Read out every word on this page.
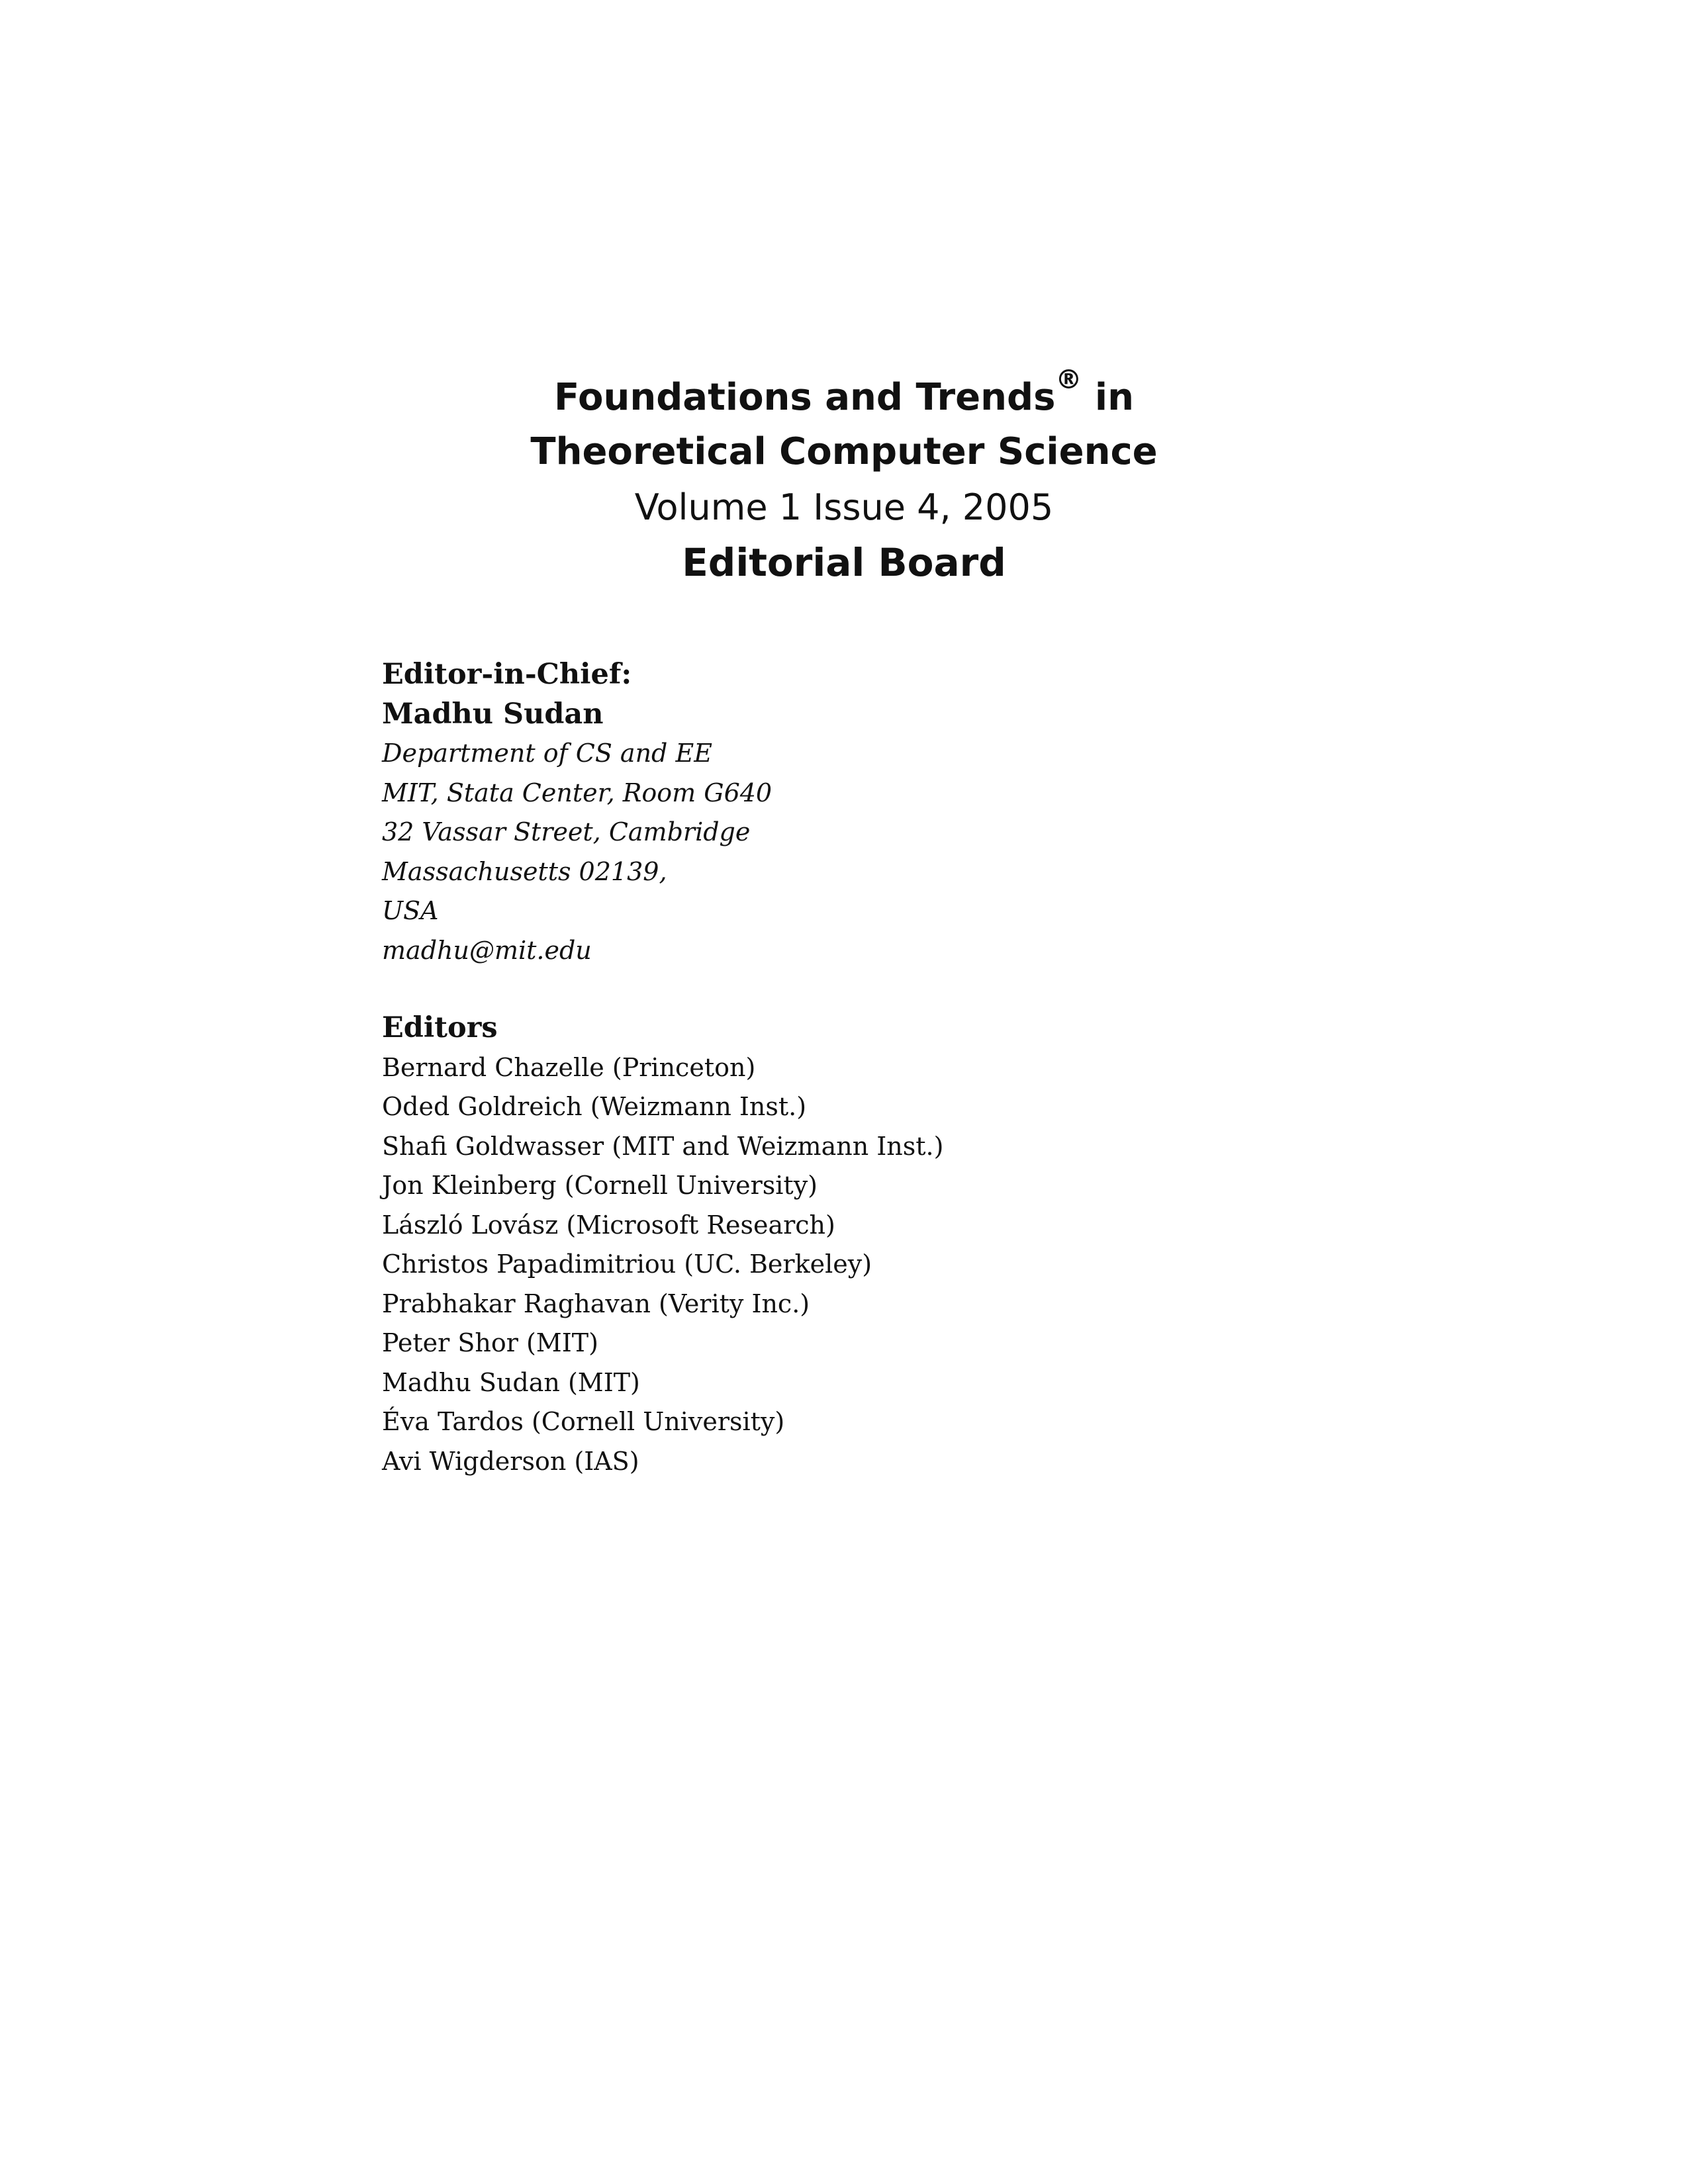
Foundations and Trends® in
Theoretical Computer Science
Volume 1 Issue 4, 2005
Editorial Board
Editor-in-Chief:
Madhu Sudan
Department of CS and EE
MIT, Stata Center, Room G640
32 Vassar Street, Cambridge
Massachusetts 02139,
USA
madhu@mit.edu
Editors
Bernard Chazelle (Princeton)
Oded Goldreich (Weizmann Inst.)
Shafi Goldwasser (MIT and Weizmann Inst.)
Jon Kleinberg (Cornell University)
László Lovász (Microsoft Research)
Christos Papadimitriou (UC. Berkeley)
Prabhakar Raghavan (Verity Inc.)
Peter Shor (MIT)
Madhu Sudan (MIT)
Éva Tardos (Cornell University)
Avi Wigderson (IAS)
